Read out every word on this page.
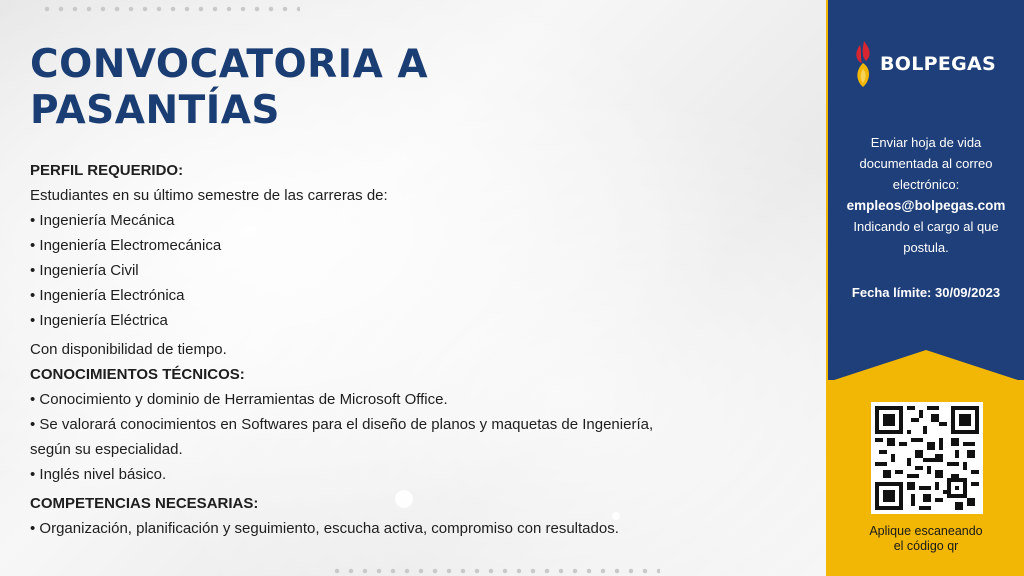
CONVOCATORIA A
PASANTÍAS
PERFIL REQUERIDO:
Estudiantes en su último semestre de las carreras de:
• Ingeniería Mecánica
• Ingeniería Electromecánica
• Ingeniería Civil
• Ingeniería Electrónica
• Ingeniería Eléctrica
Con disponibilidad de tiempo.
CONOCIMIENTOS TÉCNICOS:
• Conocimiento y dominio de Herramientas de Microsoft Office.
• Se valorará conocimientos en Softwares para el diseño de planos y maquetas de Ingeniería,
según su especialidad.
• Inglés nivel básico.
COMPETENCIAS NECESARIAS:
• Organización, planificación y seguimiento, escucha activa, compromiso con resultados.
BOLPEGAS
Enviar hoja de vida
documentada al correo
electrónico:
empleos@bolpegas.com
Indicando el cargo al que
postula.
Fecha límite: 30/09/2023
Aplique escaneando
el código qr
